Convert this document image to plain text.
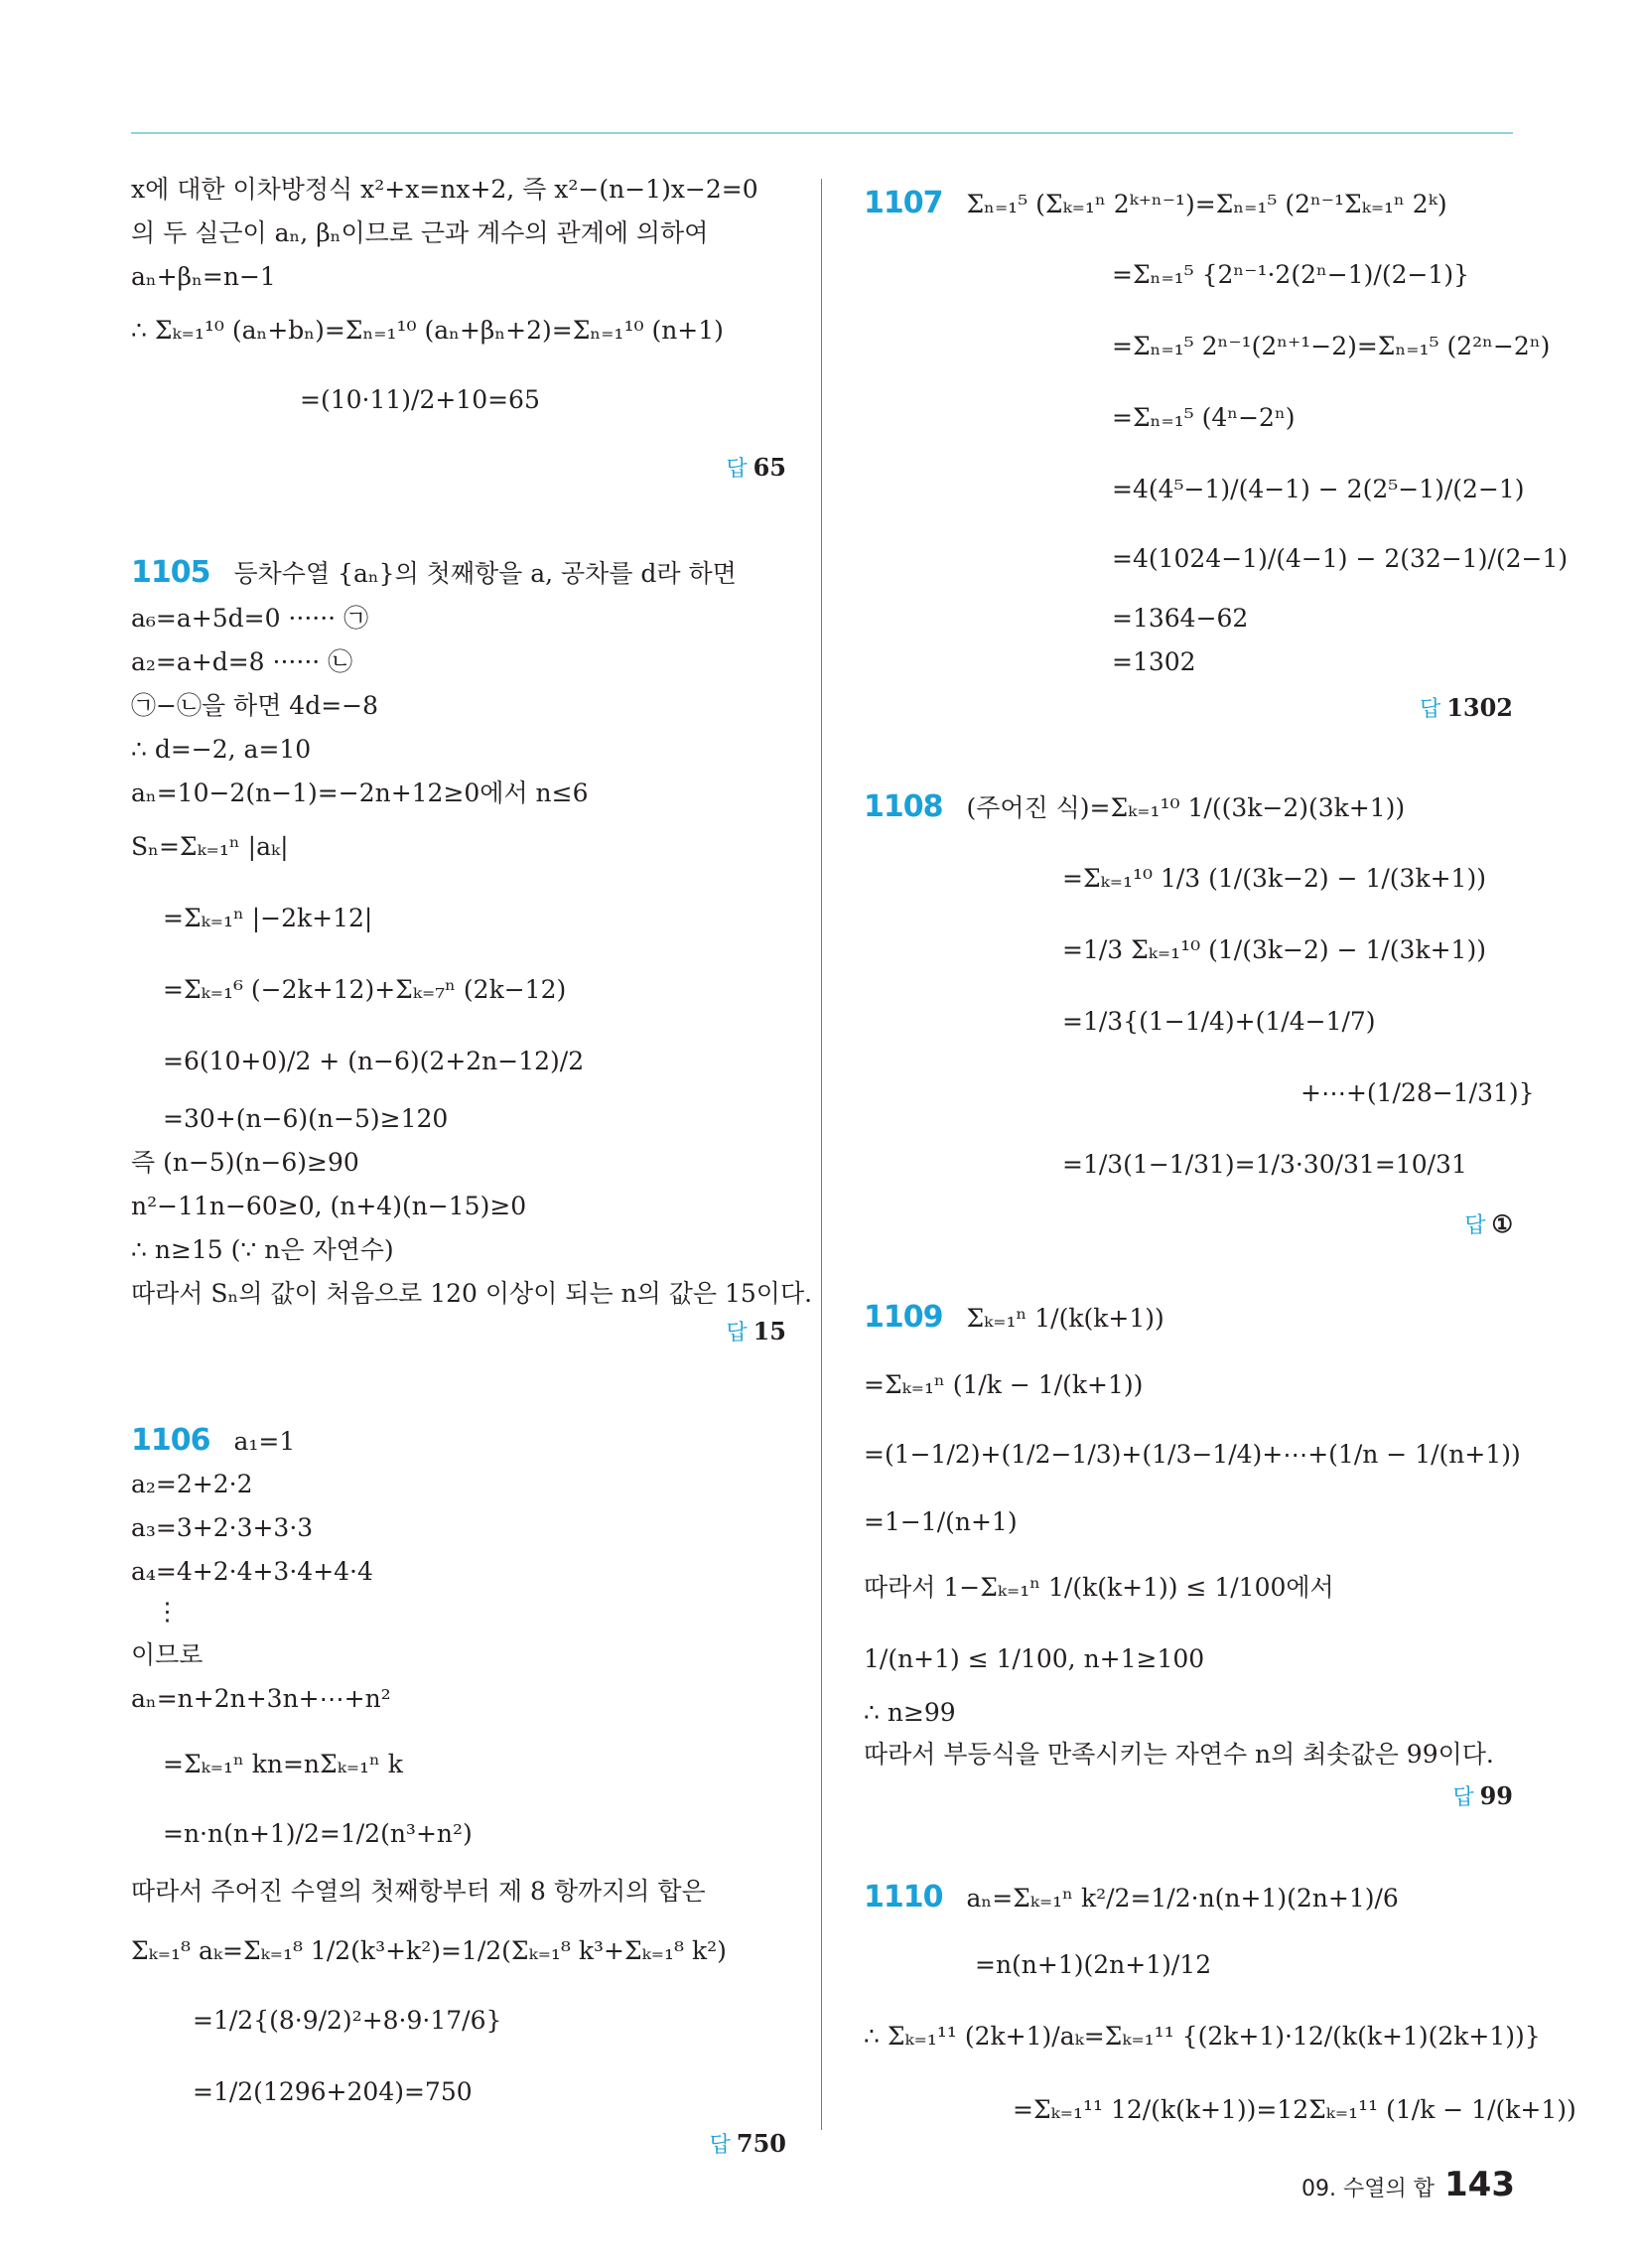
x에 대한 이차방정식 x²+x=nx+2, 즉 x²−(n−1)x−2=0
의 두 실근이 aₙ, βₙ이므로 근과 계수의 관계에 의하여
aₙ+βₙ=n−1
∴ Σₖ₌₁¹⁰ (aₙ+bₙ)=Σₙ₌₁¹⁰ (aₙ+βₙ+2)=Σₙ₌₁¹⁰ (n+1)
=(10·11)/2+10=65
답 65
1105 등차수열 {aₙ}의 첫째항을 a, 공차를 d라 하면
a₆=a+5d=0 ······ ㉠
a₂=a+d=8 ······ ㉡
㉠−㉡을 하면 4d=−8
∴ d=−2, a=10
aₙ=10−2(n−1)=−2n+12≥0에서 n≤6
Sₙ=Σₖ₌₁ⁿ |aₖ|
=Σₖ₌₁ⁿ |−2k+12|
=Σₖ₌₁⁶ (−2k+12)+Σₖ₌₇ⁿ (2k−12)
=6(10+0)/2 + (n−6)(2+2n−12)/2
=30+(n−6)(n−5)≥120
즉 (n−5)(n−6)≥90
n²−11n−60≥0, (n+4)(n−15)≥0
∴ n≥15 (∵ n은 자연수)
따라서 Sₙ의 값이 처음으로 120 이상이 되는 n의 값은 15이다.
답 15
1106 a₁=1
a₂=2+2·2
a₃=3+2·3+3·3
a₄=4+2·4+3·4+4·4
⋮
이므로
aₙ=n+2n+3n+⋯+n²
=Σₖ₌₁ⁿ kn=nΣₖ₌₁ⁿ k
=n·n(n+1)/2=1/2(n³+n²)
따라서 주어진 수열의 첫째항부터 제 8 항까지의 합은
Σₖ₌₁⁸ aₖ=Σₖ₌₁⁸ 1/2(k³+k²)=1/2(Σₖ₌₁⁸ k³+Σₖ₌₁⁸ k²)
=1/2{(8·9/2)²+8·9·17/6}
=1/2(1296+204)=750
답 750
1107 Σₙ₌₁⁵ (Σₖ₌₁ⁿ 2ᵏ⁺ⁿ⁻¹)=Σₙ₌₁⁵ (2ⁿ⁻¹Σₖ₌₁ⁿ 2ᵏ)
=Σₙ₌₁⁵ {2ⁿ⁻¹·2(2ⁿ−1)/(2−1)}
=Σₙ₌₁⁵ 2ⁿ⁻¹(2ⁿ⁺¹−2)=Σₙ₌₁⁵ (2²ⁿ−2ⁿ)
=Σₙ₌₁⁵ (4ⁿ−2ⁿ)
=4(4⁵−1)/(4−1) − 2(2⁵−1)/(2−1)
=4(1024−1)/(4−1) − 2(32−1)/(2−1)
=1364−62
=1302
답 1302
1108 (주어진 식)=Σₖ₌₁¹⁰ 1/((3k−2)(3k+1))
=Σₖ₌₁¹⁰ 1/3 (1/(3k−2) − 1/(3k+1))
=1/3 Σₖ₌₁¹⁰ (1/(3k−2) − 1/(3k+1))
=1/3{(1−1/4)+(1/4−1/7)
+⋯+(1/28−1/31)}
=1/3(1−1/31)=1/3·30/31=10/31
답 ①
1109 Σₖ₌₁ⁿ 1/(k(k+1))
=Σₖ₌₁ⁿ (1/k − 1/(k+1))
=(1−1/2)+(1/2−1/3)+(1/3−1/4)+⋯+(1/n − 1/(n+1))
=1−1/(n+1)
따라서 1−Σₖ₌₁ⁿ 1/(k(k+1)) ≤ 1/100에서
1/(n+1) ≤ 1/100, n+1≥100
∴ n≥99
따라서 부등식을 만족시키는 자연수 n의 최솟값은 99이다.
답 99
1110 aₙ=Σₖ₌₁ⁿ k²/2=1/2·n(n+1)(2n+1)/6
=n(n+1)(2n+1)/12
∴ Σₖ₌₁¹¹ (2k+1)/aₖ=Σₖ₌₁¹¹ {(2k+1)·12/(k(k+1)(2k+1))}
=Σₖ₌₁¹¹ 12/(k(k+1))=12Σₖ₌₁¹¹ (1/k − 1/(k+1))
09. 수열의 합 143
